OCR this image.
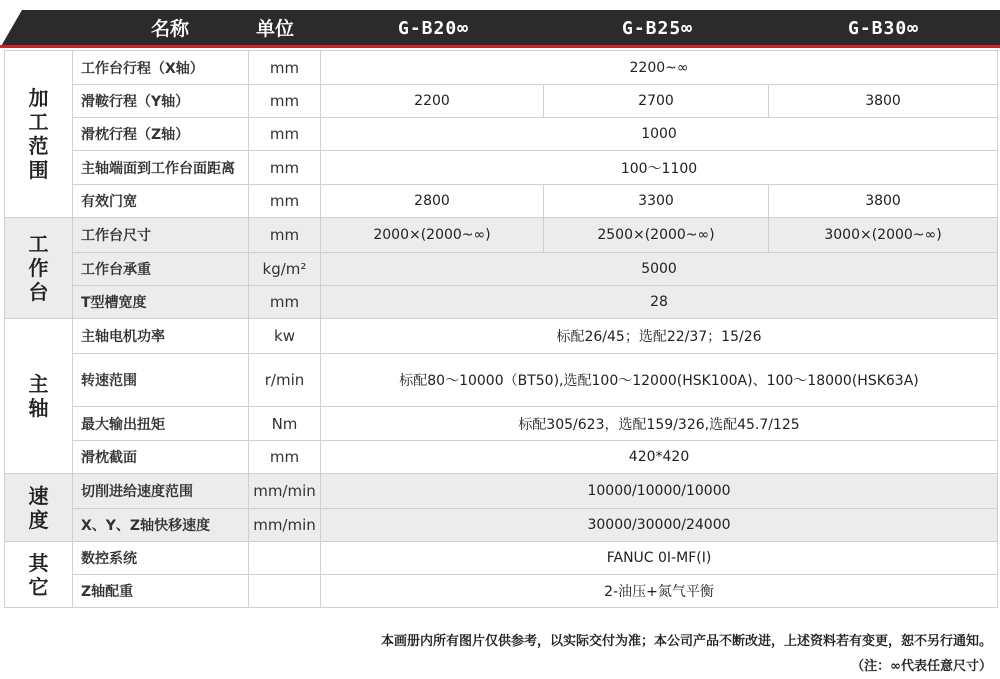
名称	单位	G-B20∞	G-B25∞	G-B30∞
加工范围	工作台行程（X轴）	mm	2200~∞		
	滑鞍行程（Y轴）	mm	2200	2700	3800
	滑枕行程（Z轴）	mm	1000		
	主轴端面到工作台面距离	mm	100～1100		
	有效门宽	mm	2800	3300	3800
工作台	工作台尺寸	mm	2000×(2000~∞)	2500×(2000~∞)	3000×(2000~∞)
	工作台承重	kg/m²	5000		
	T型槽宽度	mm	28		
主轴	主轴电机功率	kw	标配26/45；选配22/37；15/26		
	转速范围	r/min	标配80～10000（BT50),选配100～12000(HSK100A)、100～18000(HSK63A)		
	最大输出扭矩	Nm	标配305/623，选配159/326,选配45.7/125		
	滑枕截面	mm	420*420		
速度	切削进给速度范围	mm/min	10000/10000/10000		
	X、Y、Z轴快移速度	mm/min	30000/30000/24000		
其它	数控系统		FANUC 0I-MF(I)		
	Z轴配重		2-油压+氮气平衡		
本画册内所有图片仅供参考，以实际交付为准；本公司产品不断改进，上述资料若有变更，恕不另行通知。
（注：∞代表任意尺寸）
